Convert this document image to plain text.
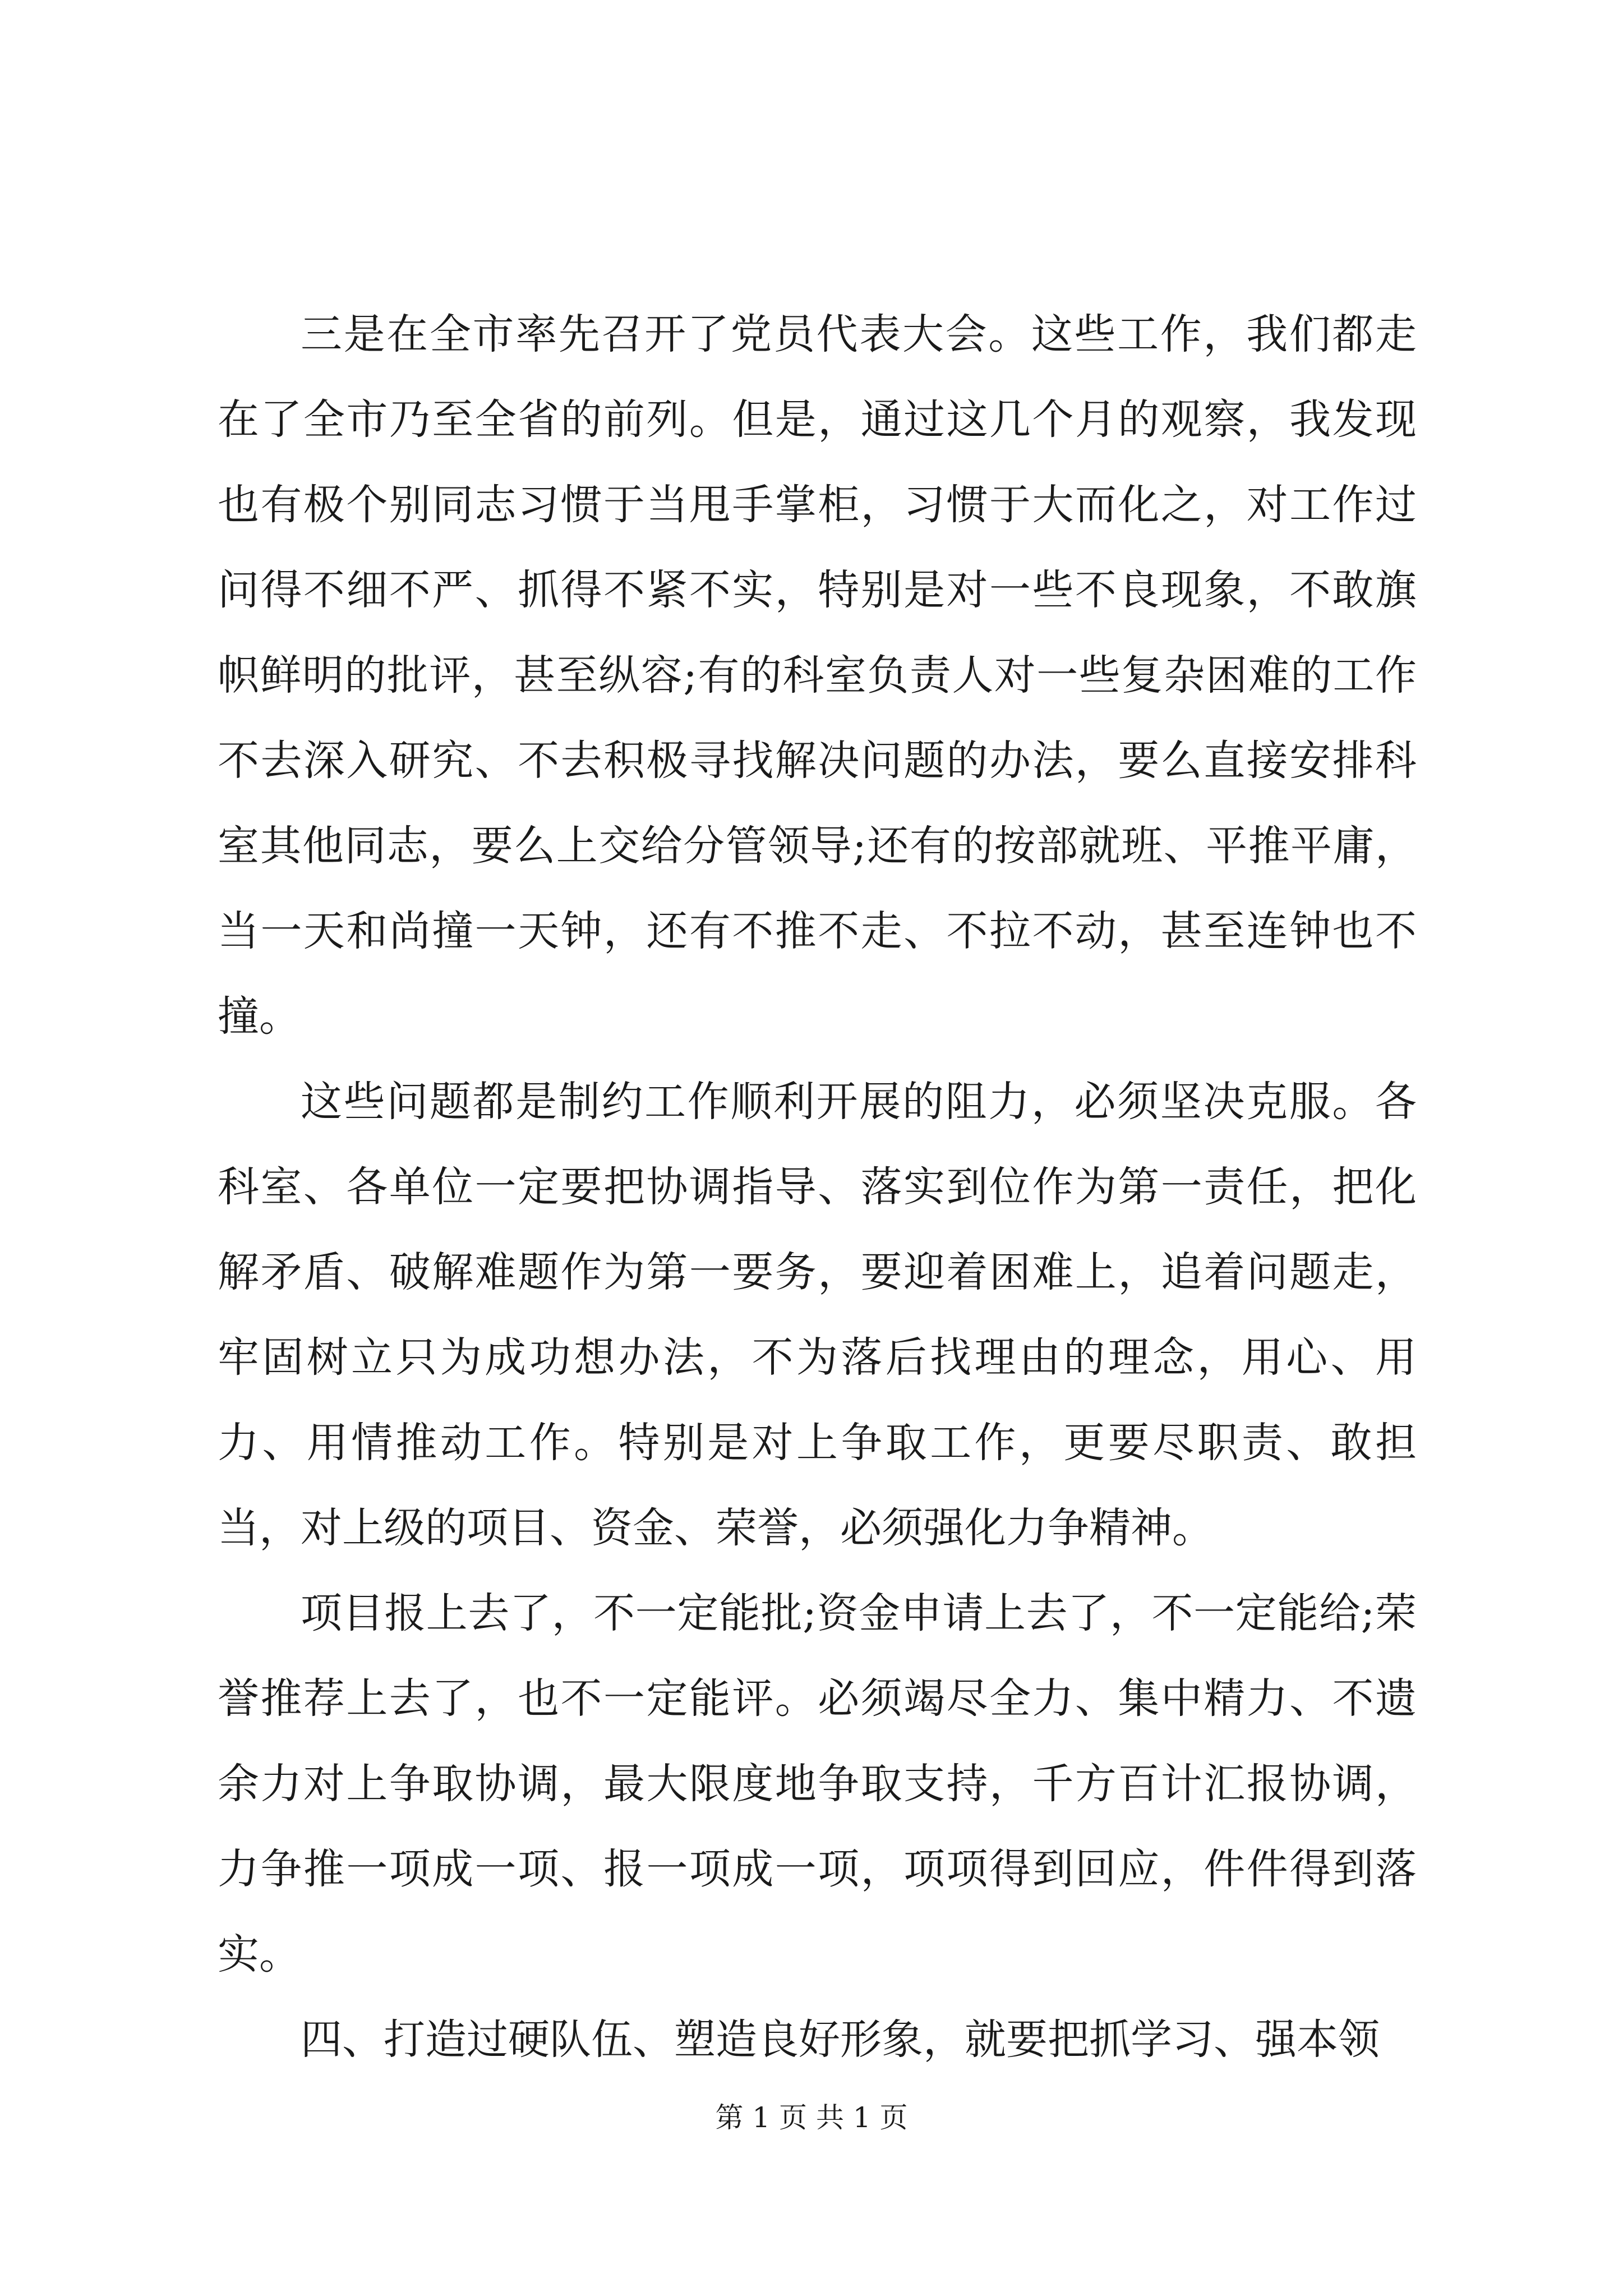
三是在全市率先召开了党员代表大会。这些工作，我们都走在了全市乃至全省的前列。但是，通过这几个月的观察，我发现也有极个别同志习惯于当甩手掌柜，习惯于大而化之，对工作过问得不细不严、抓得不紧不实，特别是对一些不良现象，不敢旗帜鲜明的批评，甚至纵容;有的科室负责人对一些复杂困难的工作不去深入研究、不去积极寻找解决问题的办法，要么直接安排科室其他同志，要么上交给分管领导;还有的按部就班、平推平庸，当一天和尚撞一天钟，还有不推不走、不拉不动，甚至连钟也不撞。

这些问题都是制约工作顺利开展的阻力，必须坚决克服。各科室、各单位一定要把协调指导、落实到位作为第一责任，把化解矛盾、破解难题作为第一要务，要迎着困难上，追着问题走，牢固树立只为成功想办法，不为落后找理由的理念，用心、用力、用情推动工作。特别是对上争取工作，更要尽职责、敢担当，对上级的项目、资金、荣誉，必须强化力争精神。

项目报上去了，不一定能批;资金申请上去了，不一定能给;荣誉推荐上去了，也不一定能评。必须竭尽全力、集中精力、不遗余力对上争取协调，最大限度地争取支持，千方百计汇报协调，力争推一项成一项、报一项成一项，项项得到回应，件件得到落实。

四、打造过硬队伍、塑造良好形象，就要把抓学习、强本领

第 1 页 共 1 页
